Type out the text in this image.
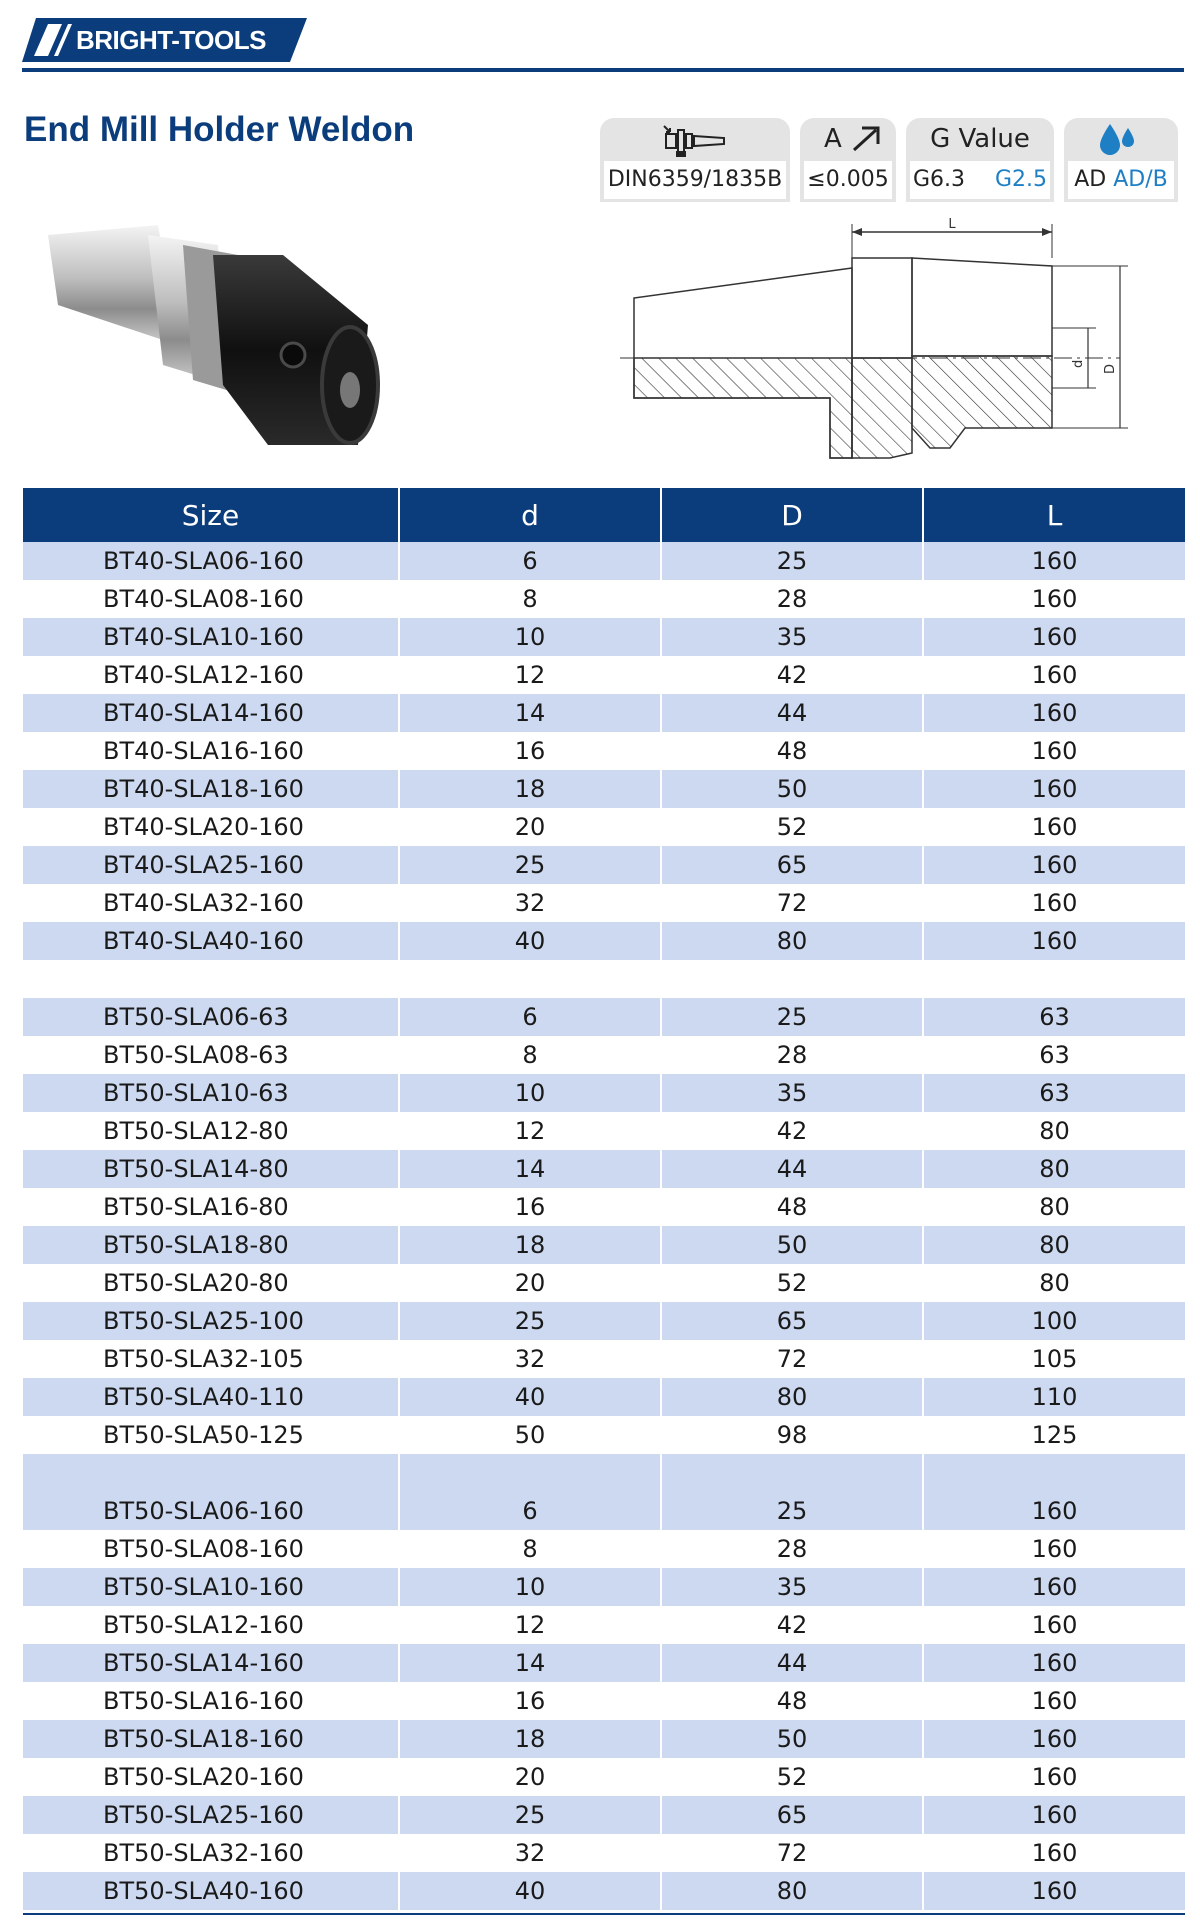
BRIGHT-TOOLS
End Mill Holder Weldon
DIN6359/1835B
A
≤0.005
G Value
G6.3 G2.5 AD AD/B
L
d
D
Size	d	D	L
BT40-SLA06-160	6	25	160
BT40-SLA08-160	8	28	160
BT40-SLA10-160	10	35	160
BT40-SLA12-160	12	42	160
BT40-SLA14-160	14	44	160
BT40-SLA16-160	16	48	160
BT40-SLA18-160	18	50	160
BT40-SLA20-160	20	52	160
BT40-SLA25-160	25	65	160
BT40-SLA32-160	32	72	160
BT40-SLA40-160	40	80	160

BT50-SLA06-63	6	25	63
BT50-SLA08-63	8	28	63
BT50-SLA10-63	10	35	63
BT50-SLA12-80	12	42	80
BT50-SLA14-80	14	44	80
BT50-SLA16-80	16	48	80
BT50-SLA18-80	18	50	80
BT50-SLA20-80	20	52	80
BT50-SLA25-100	25	65	100
BT50-SLA32-105	32	72	105
BT50-SLA40-110	40	80	110
BT50-SLA50-125	50	98	125

BT50-SLA06-160	6	25	160
BT50-SLA08-160	8	28	160
BT50-SLA10-160	10	35	160
BT50-SLA12-160	12	42	160
BT50-SLA14-160	14	44	160
BT50-SLA16-160	16	48	160
BT50-SLA18-160	18	50	160
BT50-SLA20-160	20	52	160
BT50-SLA25-160	25	65	160
BT50-SLA32-160	32	72	160
BT50-SLA40-160	40	80	160
